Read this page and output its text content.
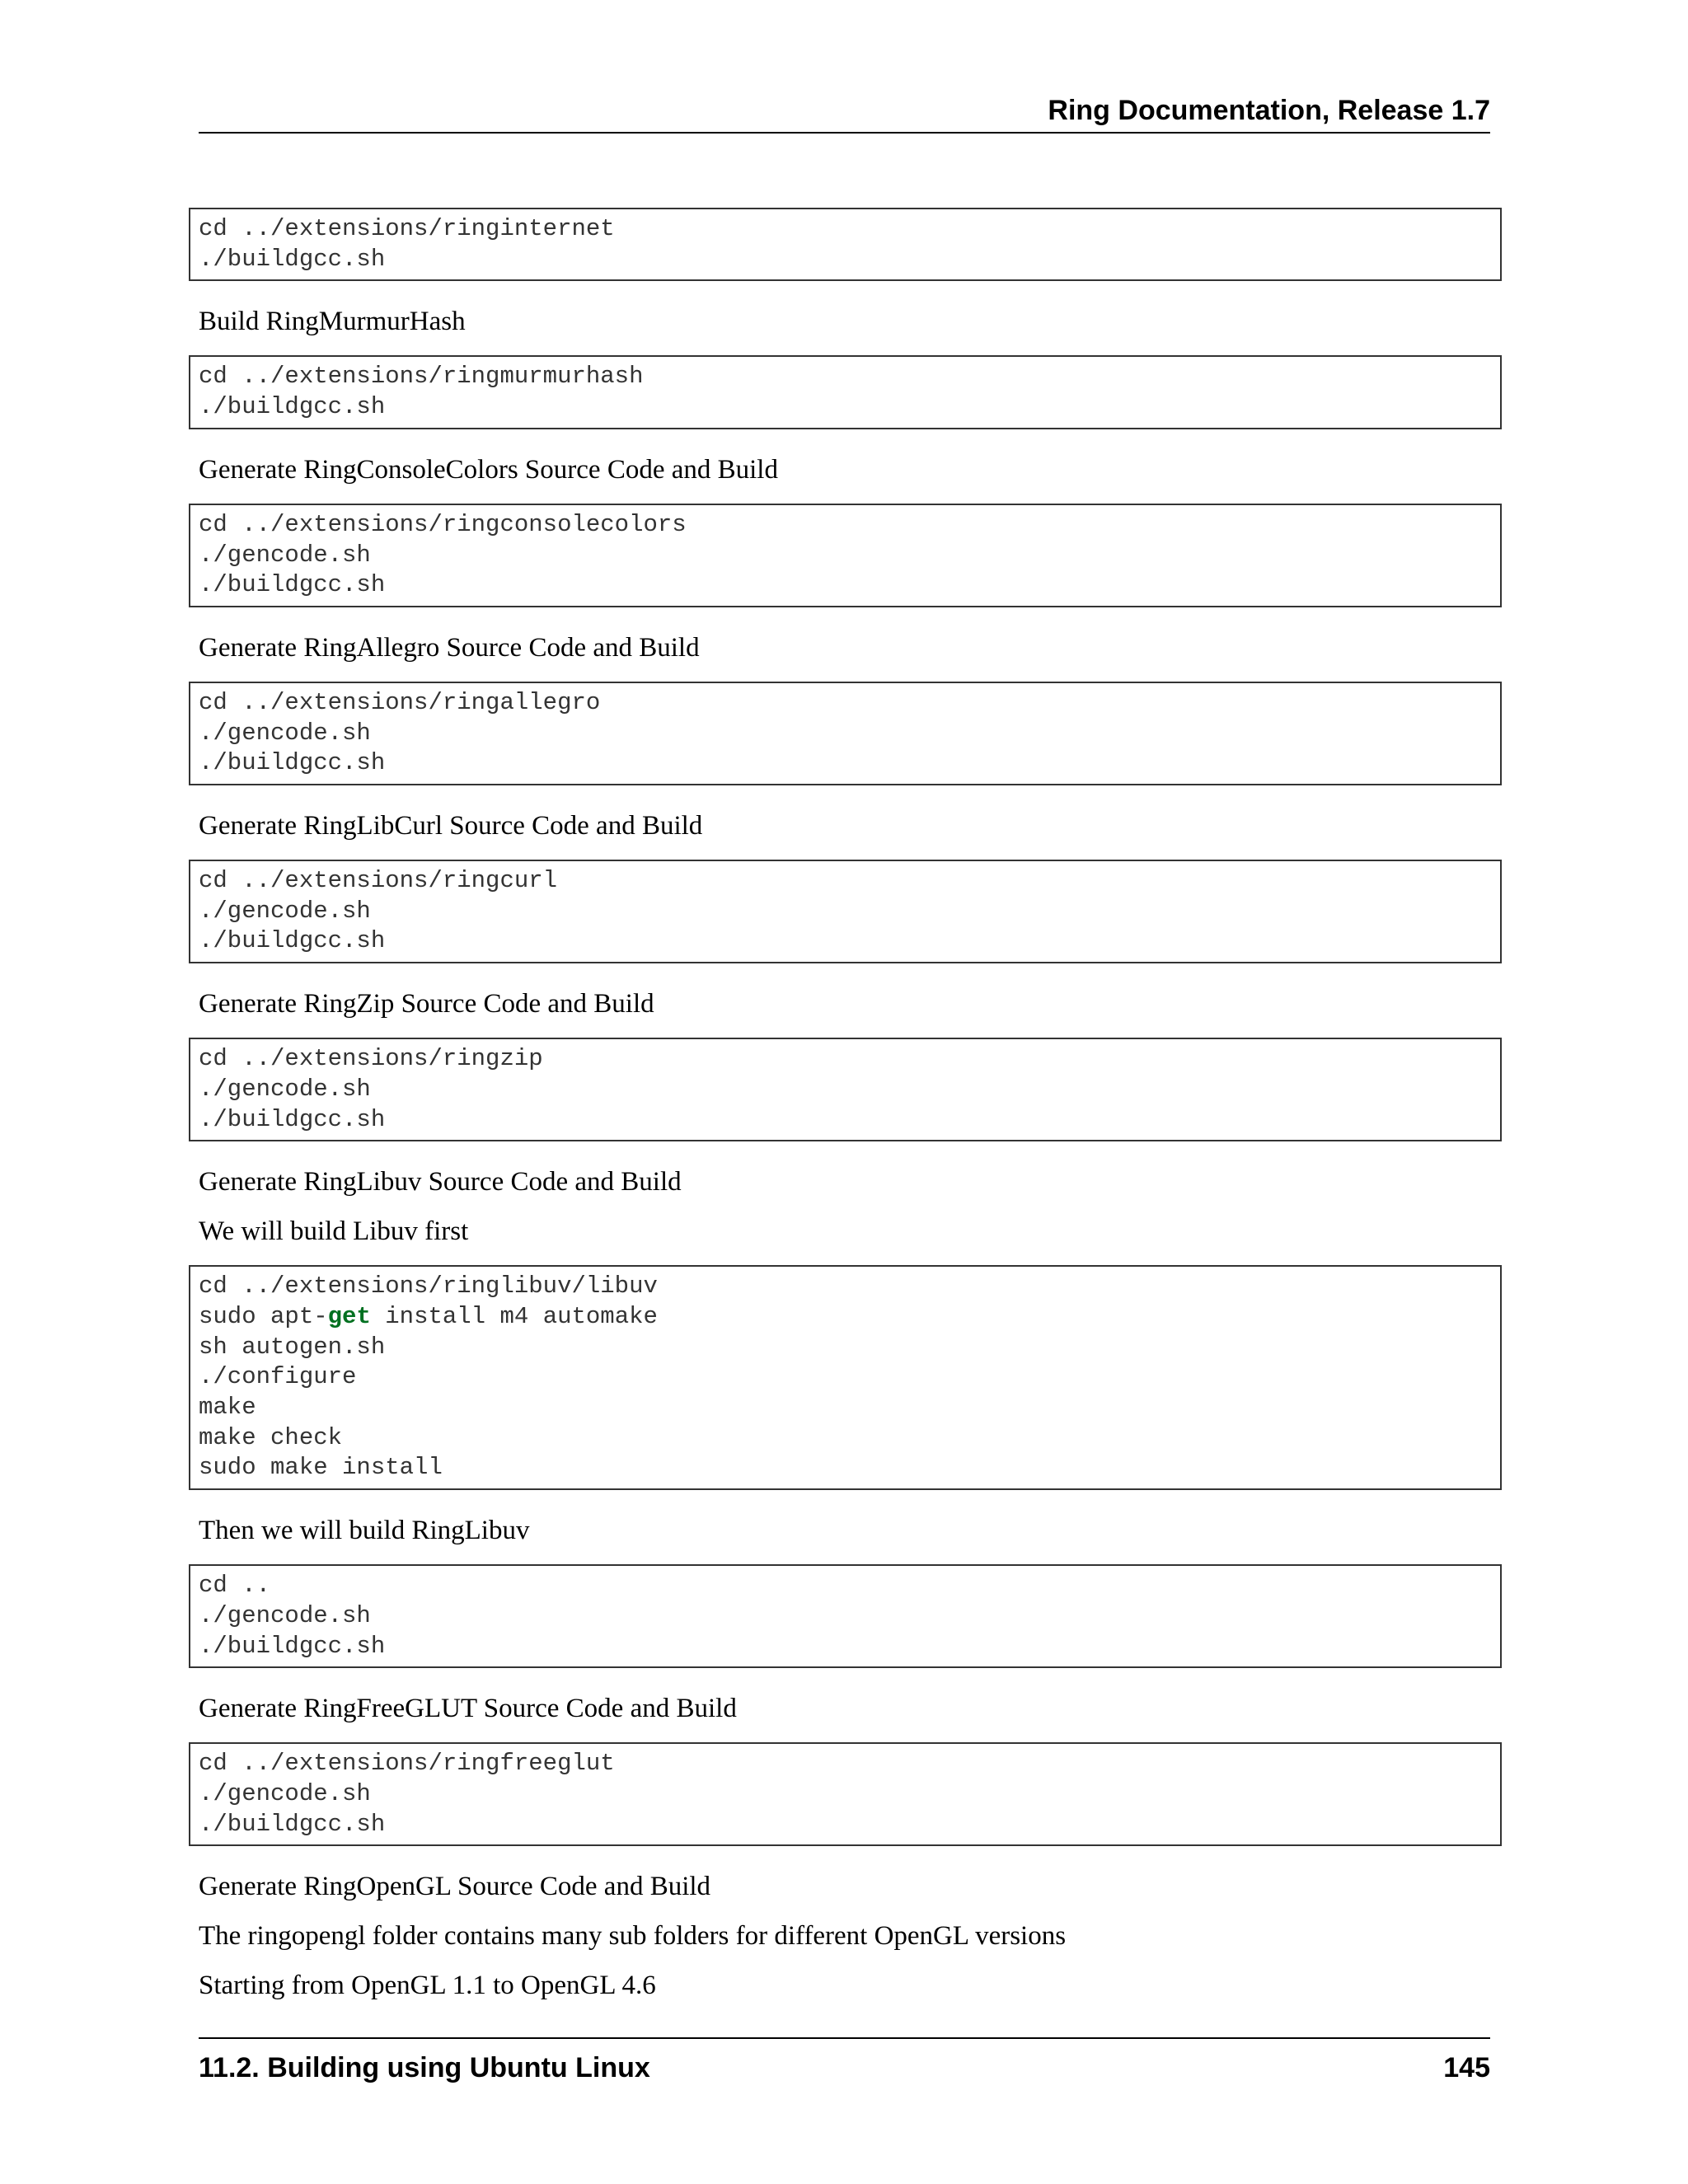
Ring Documentation, Release 1.7
cd ../extensions/ringinternet
./buildgcc.sh
Build RingMurmurHash
cd ../extensions/ringmurmurhash
./buildgcc.sh
Generate RingConsoleColors Source Code and Build
cd ../extensions/ringconsolecolors
./gencode.sh
./buildgcc.sh
Generate RingAllegro Source Code and Build
cd ../extensions/ringallegro
./gencode.sh
./buildgcc.sh
Generate RingLibCurl Source Code and Build
cd ../extensions/ringcurl
./gencode.sh
./buildgcc.sh
Generate RingZip Source Code and Build
cd ../extensions/ringzip
./gencode.sh
./buildgcc.sh
Generate RingLibuv Source Code and Build
We will build Libuv first
cd ../extensions/ringlibuv/libuv
sudo apt-get install m4 automake
sh autogen.sh
./configure
make
make check
sudo make install
Then we will build RingLibuv
cd ..
./gencode.sh
./buildgcc.sh
Generate RingFreeGLUT Source Code and Build
cd ../extensions/ringfreeglut
./gencode.sh
./buildgcc.sh
Generate RingOpenGL Source Code and Build
The ringopengl folder contains many sub folders for different OpenGL versions
Starting from OpenGL 1.1 to OpenGL 4.6
11.2. Building using Ubuntu Linux	145
